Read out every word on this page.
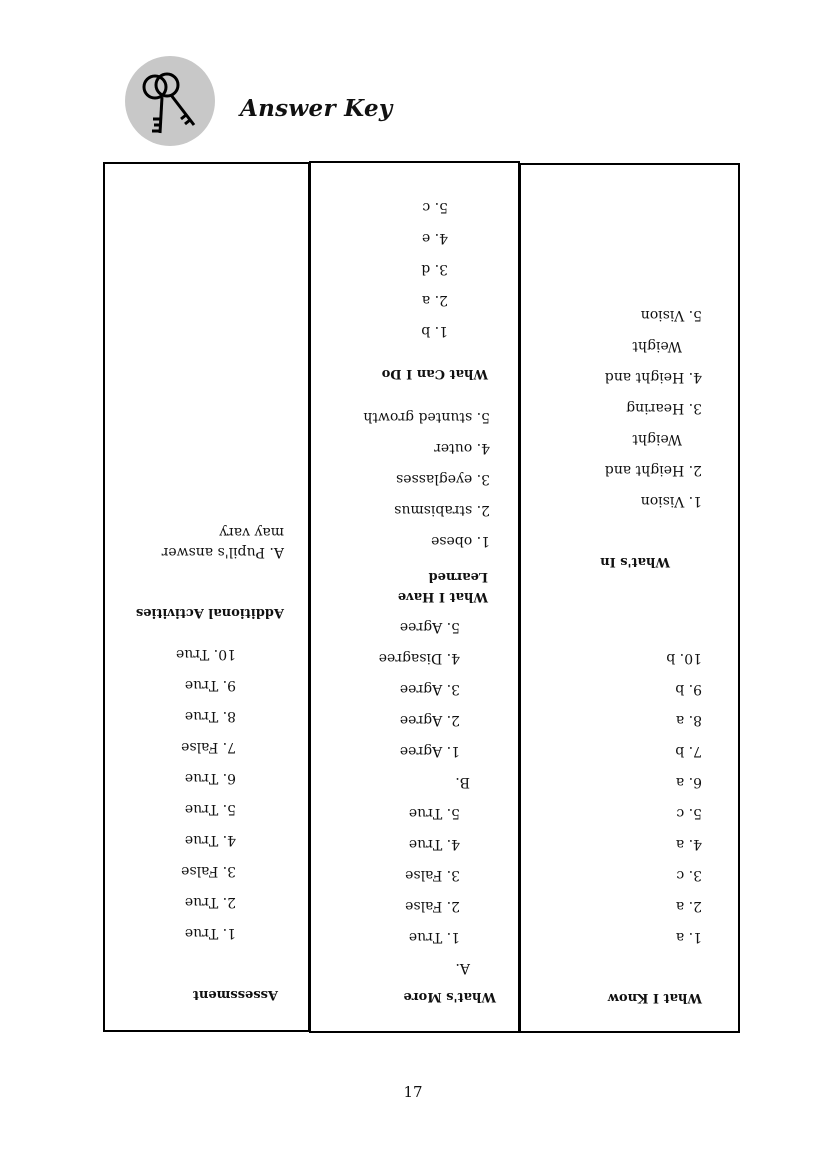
Answer Key
Assessment
1. True
2. True
3. False
4. True
5. True
6. True
7. False
8. True
9. True
10. True
Additional Activities
A. Pupil's answer
may vary
What's More
A.
1. True
2. False
3. False
4. True
5. True
B.
1. Agree
2. Agree
3. Agree
4. Disagree
5. Agree
What I Have
Learned
1. obese
2. strabismus
3. eyeglasses
4. outer
5. stunted growth
What Can I Do
1. b
2. a
3. d
4. e
5. c
What I Know
1. a
2. a
3. c
4. a
5. c
6. a
7. b
8. a
9. b
10. b
What's In
1. Vision
2. Height and
Weight
3. Hearing
4. Height and
Weight
5. Vision
17
